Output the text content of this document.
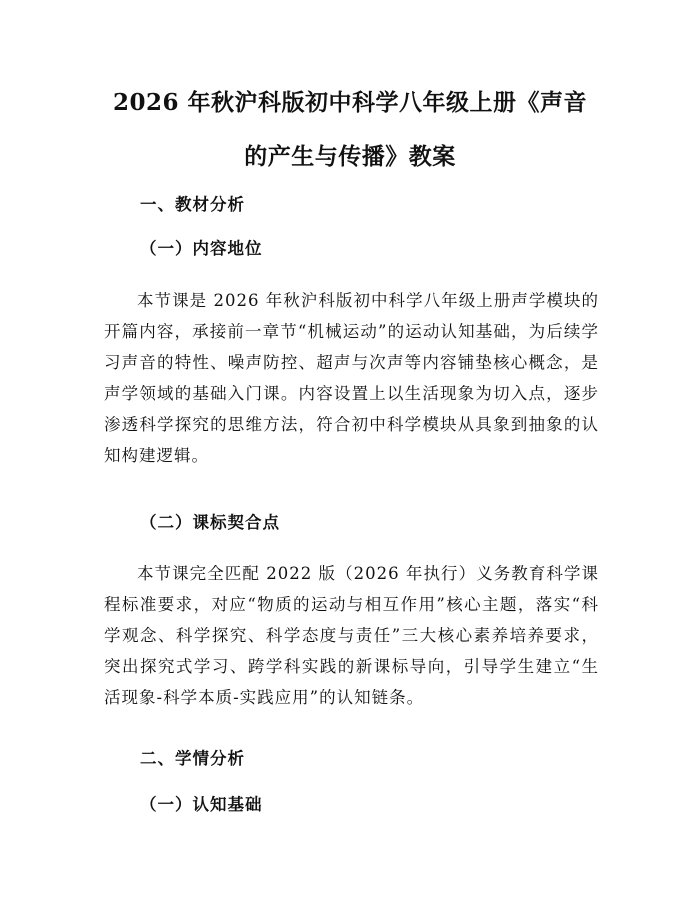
2026 年秋沪科版初中科学八年级上册《声音
的产生与传播》教案
一、教材分析
（一）内容地位

本节课是 2026 年秋沪科版初中科学八年级上册声学模块的开篇内容，承接前一章节“机械运动”的运动认知基础，为后续学习声音的特性、噪声防控、超声与次声等内容铺垫核心概念，是声学领域的基础入门课。内容设置上以生活现象为切入点，逐步渗透科学探究的思维方法，符合初中科学模块从具象到抽象的认知构建逻辑。

（二）课标契合点

本节课完全匹配 2022 版（2026 年执行）义务教育科学课程标准要求，对应“物质的运动与相互作用”核心主题，落实“科学观念、科学探究、科学态度与责任”三大核心素养培养要求，突出探究式学习、跨学科实践的新课标导向，引导学生建立“生活现象-科学本质-实践应用”的认知链条。

二、学情分析
（一）认知基础
